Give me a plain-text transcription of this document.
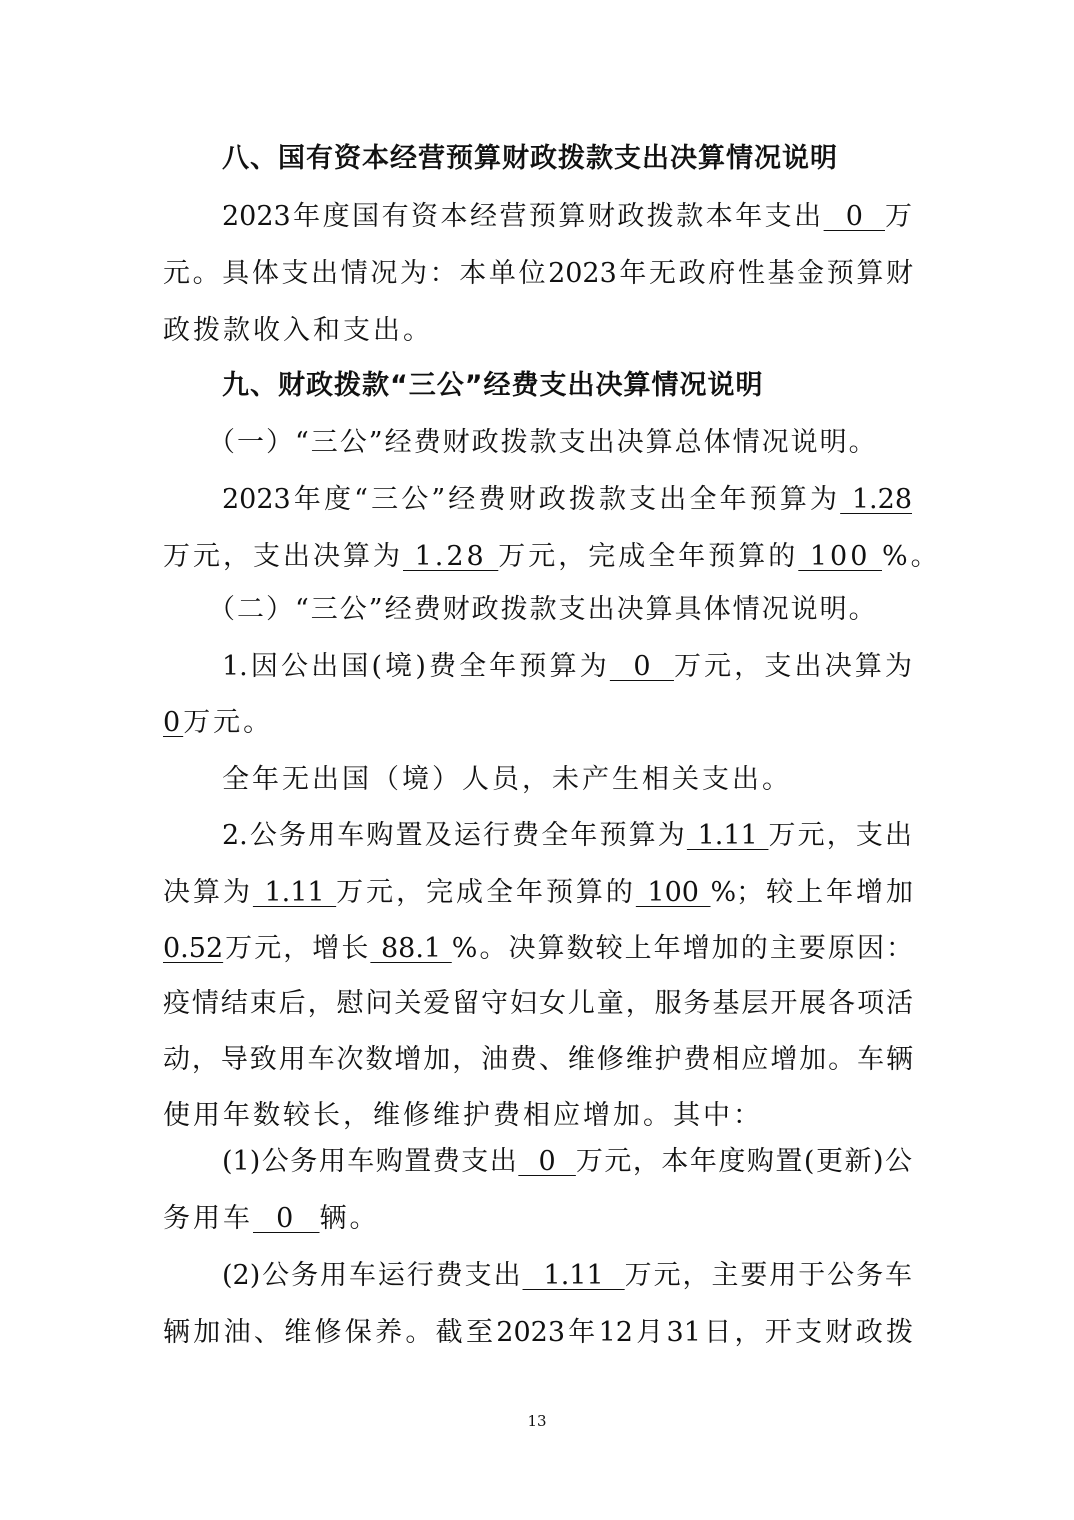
八、国有资本经营预算财政拨款支出决算情况说明
2023年度国有资本经营预算财政拨款本年支出  0  万
元。具体支出情况为：本单位2023年无政府性基金预算财
政拨款收入和支出。
九、财政拨款“三公”经费支出决算情况说明
（一）“三公”经费财政拨款支出决算总体情况说明。
2023年度“三公”经费财政拨款支出全年预算为 1.28
万元，支出决算为 1.28 万元，完成全年预算的 100 %。
（二）“三公”经费财政拨款支出决算具体情况说明。
1.因公出国(境)费全年预算为  0  万元，支出决算为
0万元。
全年无出国（境）人员，未产生相关支出。
2.公务用车购置及运行费全年预算为 1.11 万元，支出
决算为 1.11 万元，完成全年预算的 100 %；较上年增加
0.52万元，增长 88.1 %。决算数较上年增加的主要原因：
疫情结束后，慰问关爱留守妇女儿童，服务基层开展各项活
动，导致用车次数增加，油费、维修维护费相应增加。车辆
使用年数较长，维修维护费相应增加。其中：
(1)公务用车购置费支出  0  万元，本年度购置(更新)公
务用车  0  辆。
(2)公务用车运行费支出  1.11  万元，主要用于公务车
辆加油、维修保养。截至2023年12月31日，开支财政拨
13
